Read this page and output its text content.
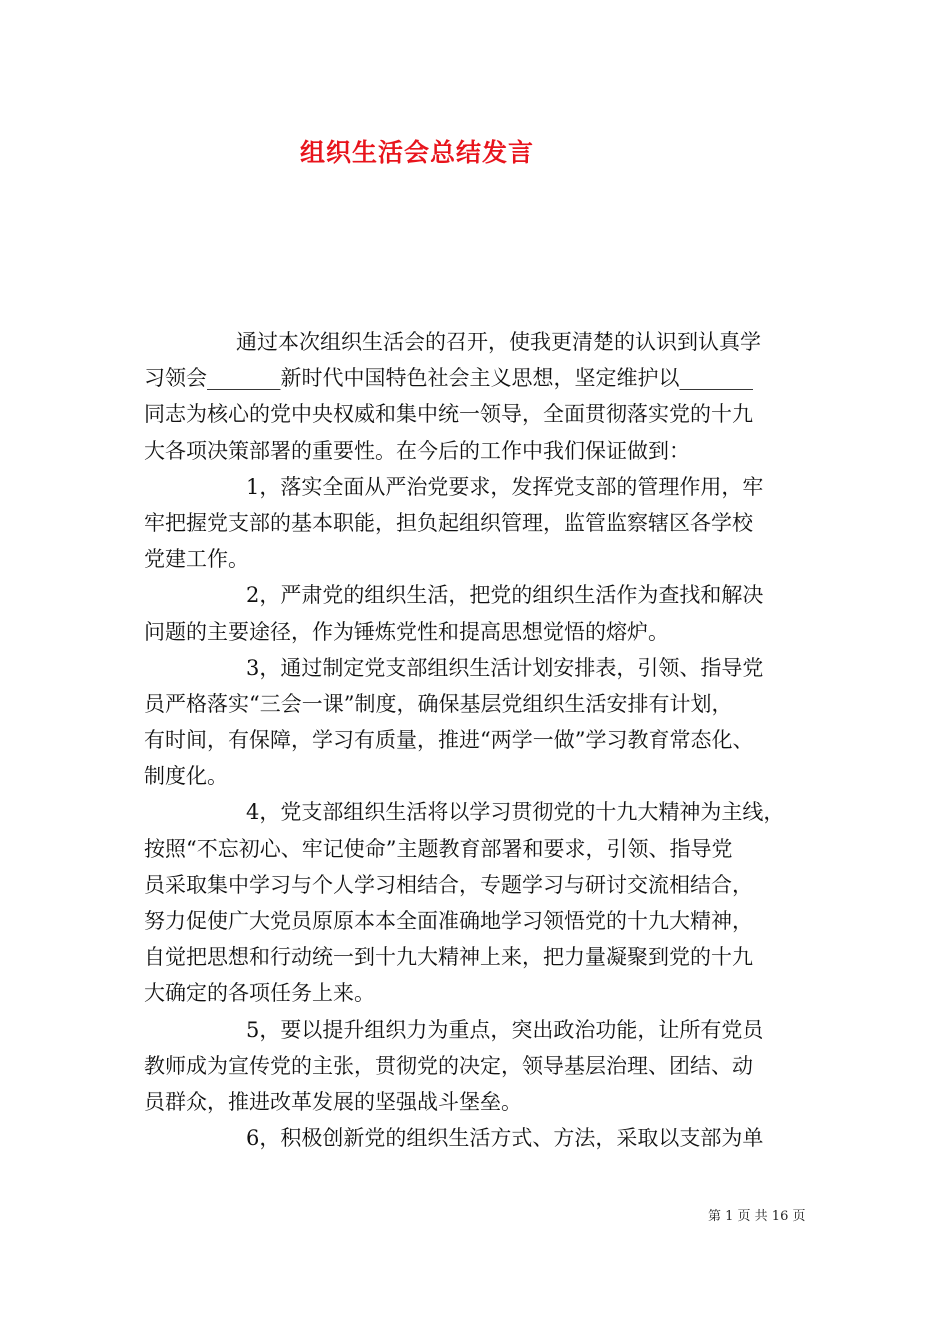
组织生活会总结发言
通过本次组织生活会的召开，使我更清楚的认识到认真学
习领会_______新时代中国特色社会主义思想，坚定维护以_______
同志为核心的党中央权威和集中统一领导，全面贯彻落实党的十九
大各项决策部署的重要性。在今后的工作中我们保证做到：
1，落实全面从严治党要求，发挥党支部的管理作用，牢
牢把握党支部的基本职能，担负起组织管理，监管监察辖区各学校
党建工作。
2，严肃党的组织生活，把党的组织生活作为查找和解决
问题的主要途径，作为锤炼党性和提高思想觉悟的熔炉。
3，通过制定党支部组织生活计划安排表，引领、指导党
员严格落实“三会一课”制度，确保基层党组织生活安排有计划，
有时间，有保障，学习有质量，推进“两学一做”学习教育常态化、
制度化。
4，党支部组织生活将以学习贯彻党的十九大精神为主线，
按照“不忘初心、牢记使命”主题教育部署和要求，引领、指导党
员采取集中学习与个人学习相结合，专题学习与研讨交流相结合，
努力促使广大党员原原本本全面准确地学习领悟党的十九大精神，
自觉把思想和行动统一到十九大精神上来，把力量凝聚到党的十九
大确定的各项任务上来。
5，要以提升组织力为重点，突出政治功能，让所有党员
教师成为宣传党的主张，贯彻党的决定，领导基层治理、团结、动
员群众，推进改革发展的坚强战斗堡垒。
6，积极创新党的组织生活方式、方法，采取以支部为单
第 1 页 共 16 页
